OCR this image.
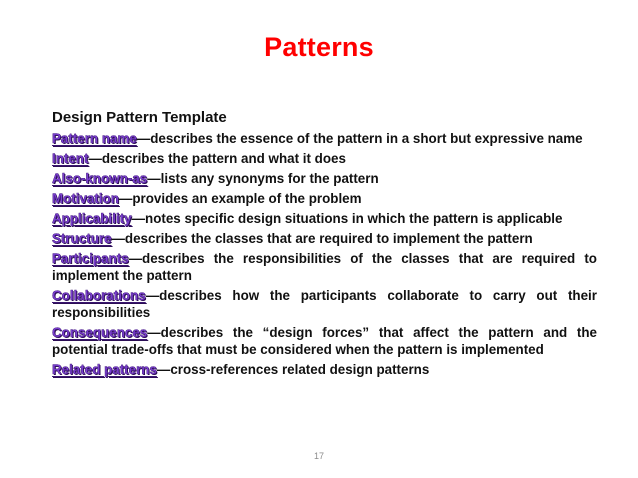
Patterns
Design Pattern Template
Pattern name—describes the essence of the pattern in a short but expressive name
Intent—describes the pattern and what it does
Also-known-as—lists any synonyms for the pattern
Motivation—provides an example of the problem
Applicability—notes specific design situations in which the pattern is applicable
Structure—describes the classes that are required to implement the pattern
Participants—describes the responsibilities of the classes that are required to implement the pattern
Collaborations—describes how the participants collaborate to carry out their responsibilities
Consequences—describes the “design forces” that affect the pattern and the potential trade-offs that must be considered when the pattern is implemented
Related patterns—cross-references related design patterns
17
